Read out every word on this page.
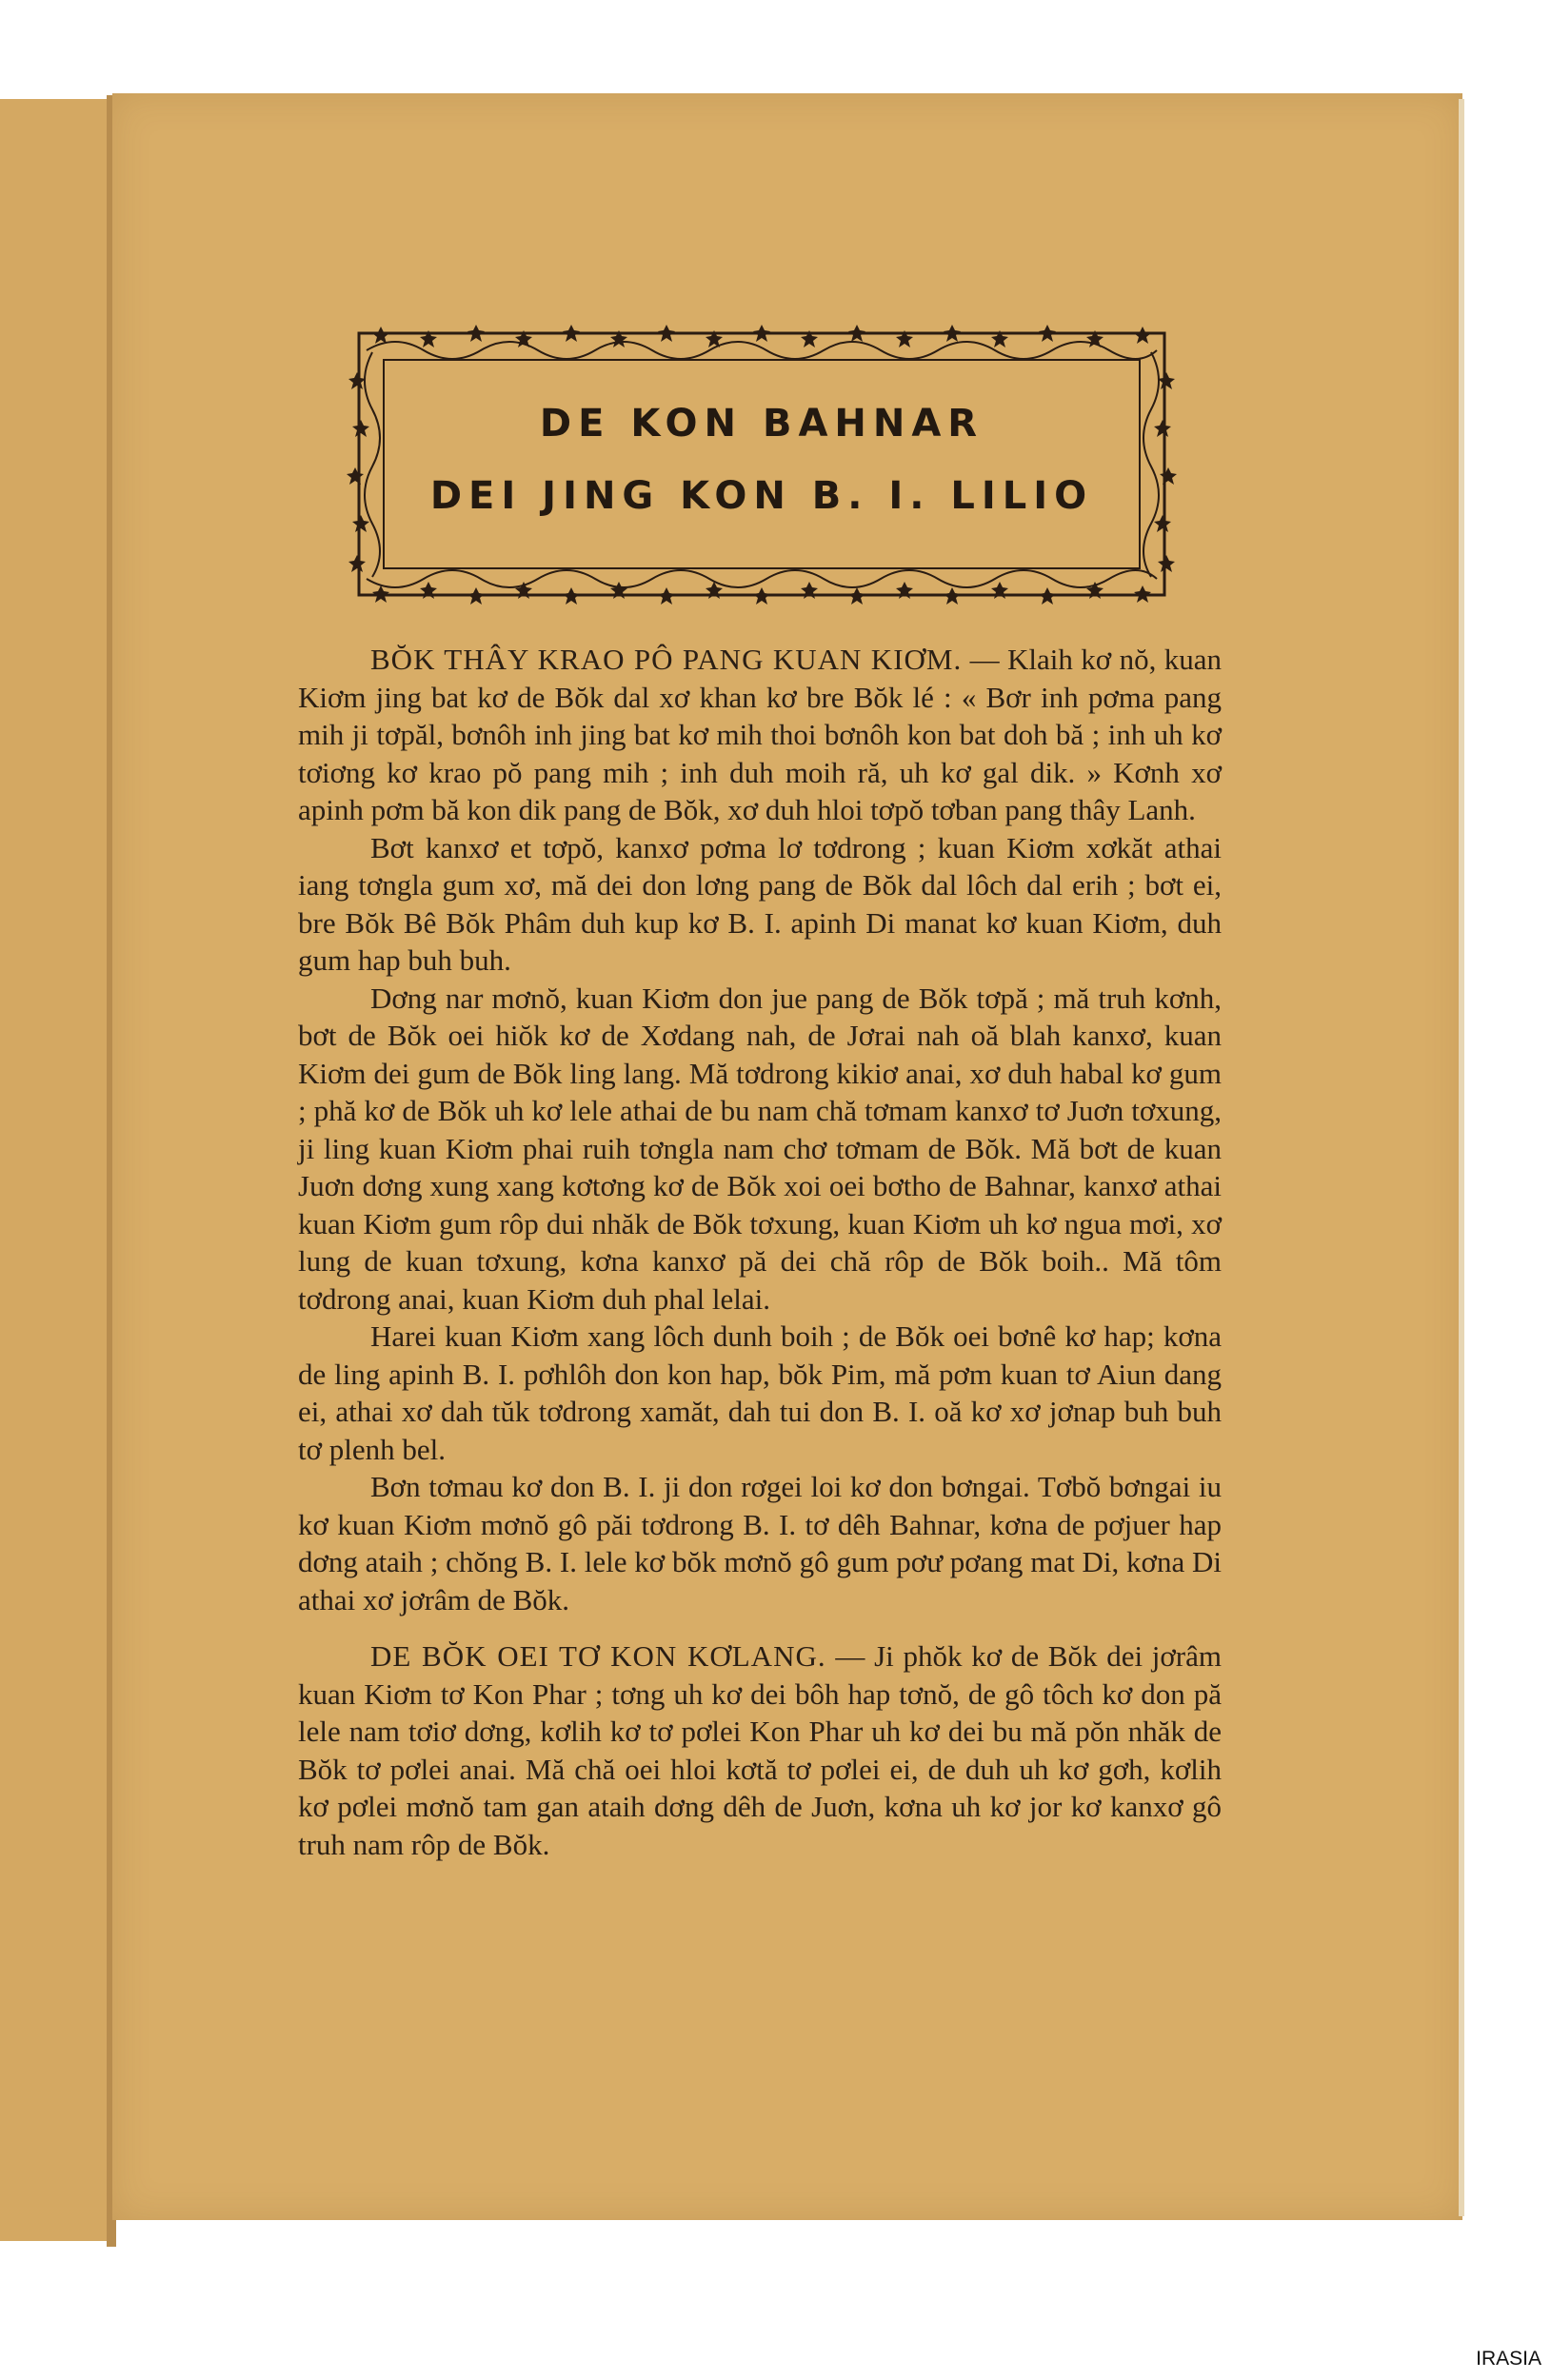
DE KON BAHNAR
DEI JING KON B. I. LILIO

BŎK THÂY KRAO PÔ PANG KUAN KIƠM. — Klaih kơ nŏ, kuan Kiơm jing bat kơ de Bŏk dal xơ khan kơ bre Bŏk lé : « Bơr inh pơma pang mih ji tơpăl, bơnôh inh jing bat kơ mih thoi bơnôh kon bat doh bă ; inh uh kơ tơiơng kơ krao pŏ pang mih ; inh duh moih ră, uh kơ gal dik. » Kơnh xơ apinh pơm bă kon dik pang de Bŏk, xơ duh hloi tơpŏ tơban pang thây Lanh.

Bơt kanxơ et tơpŏ, kanxơ pơma lơ tơdrong ; kuan Kiơm xơkăt athai iang tơngla gum xơ, mă dei don lơng pang de Bŏk dal lôch dal erih ; bơt ei, bre Bŏk Bê Bŏk Phâm duh kup kơ B. I. apinh Di manat kơ kuan Kiơm, duh gum hap buh buh.

Dơng nar mơnŏ, kuan Kiơm don jue pang de Bŏk tơpă ; mă truh kơnh, bơt de Bŏk oei hiŏk kơ de Xơdang nah, de Jơrai nah oă blah kanxơ, kuan Kiơm dei gum de Bŏk ling lang. Mă tơdrong kikiơ anai, xơ duh habal kơ gum ; phă kơ de Bŏk uh kơ lele athai de bu nam chă tơmam kanxơ tơ Juơn tơxung, ji ling kuan Kiơm phai ruih tơngla nam chơ tơmam de Bŏk. Mă bơt de kuan Juơn dơng xung xang kơtơng kơ de Bŏk xoi oei bơtho de Bahnar, kanxơ athai kuan Kiơm gum rôp dui nhăk de Bŏk tơxung, kuan Kiơm uh kơ ngua mơi, xơ lung de kuan tơxung, kơna kanxơ pă dei chă rôp de Bŏk boih.. Mă tôm tơdrong anai, kuan Kiơm duh phal lelai.

Harei kuan Kiơm xang lôch dunh boih ; de Bŏk oei bơnê kơ hap; kơna de ling apinh B. I. pơhlôh don kon hap, bŏk Pim, mă pơm kuan tơ Aiun dang ei, athai xơ dah tŭk tơdrong xamăt, dah tui don B. I. oă kơ xơ jơnap buh buh tơ plenh bel.

Bơn tơmau kơ don B. I. ji don rơgei loi kơ don bơngai. Tơbŏ bơngai iu kơ kuan Kiơm mơnŏ gô păi tơdrong B. I. tơ dêh Bahnar, kơna de pơjuer hap dơng ataih ; chŏng B. I. lele kơ bŏk mơnŏ gô gum pơư pơang mat Di, kơna Di athai xơ jơrâm de Bŏk.

DE BŎK OEI TƠ KON KƠLANG. — Ji phŏk kơ de Bŏk dei jơrâm kuan Kiơm tơ Kon Phar ; tơng uh kơ dei bôh hap tơnŏ, de gô tôch kơ don pă lele nam tơiơ dơng, kơlih kơ tơ pơlei Kon Phar uh kơ dei bu mă pŏn nhăk de Bŏk tơ pơlei anai. Mă chă oei hloi kơtă tơ pơlei ei, de duh uh kơ gơh, kơlih kơ pơlei mơnŏ tam gan ataih dơng dêh de Juơn, kơna uh kơ jor kơ kanxơ gô truh nam rôp de Bŏk.

IRASIA
